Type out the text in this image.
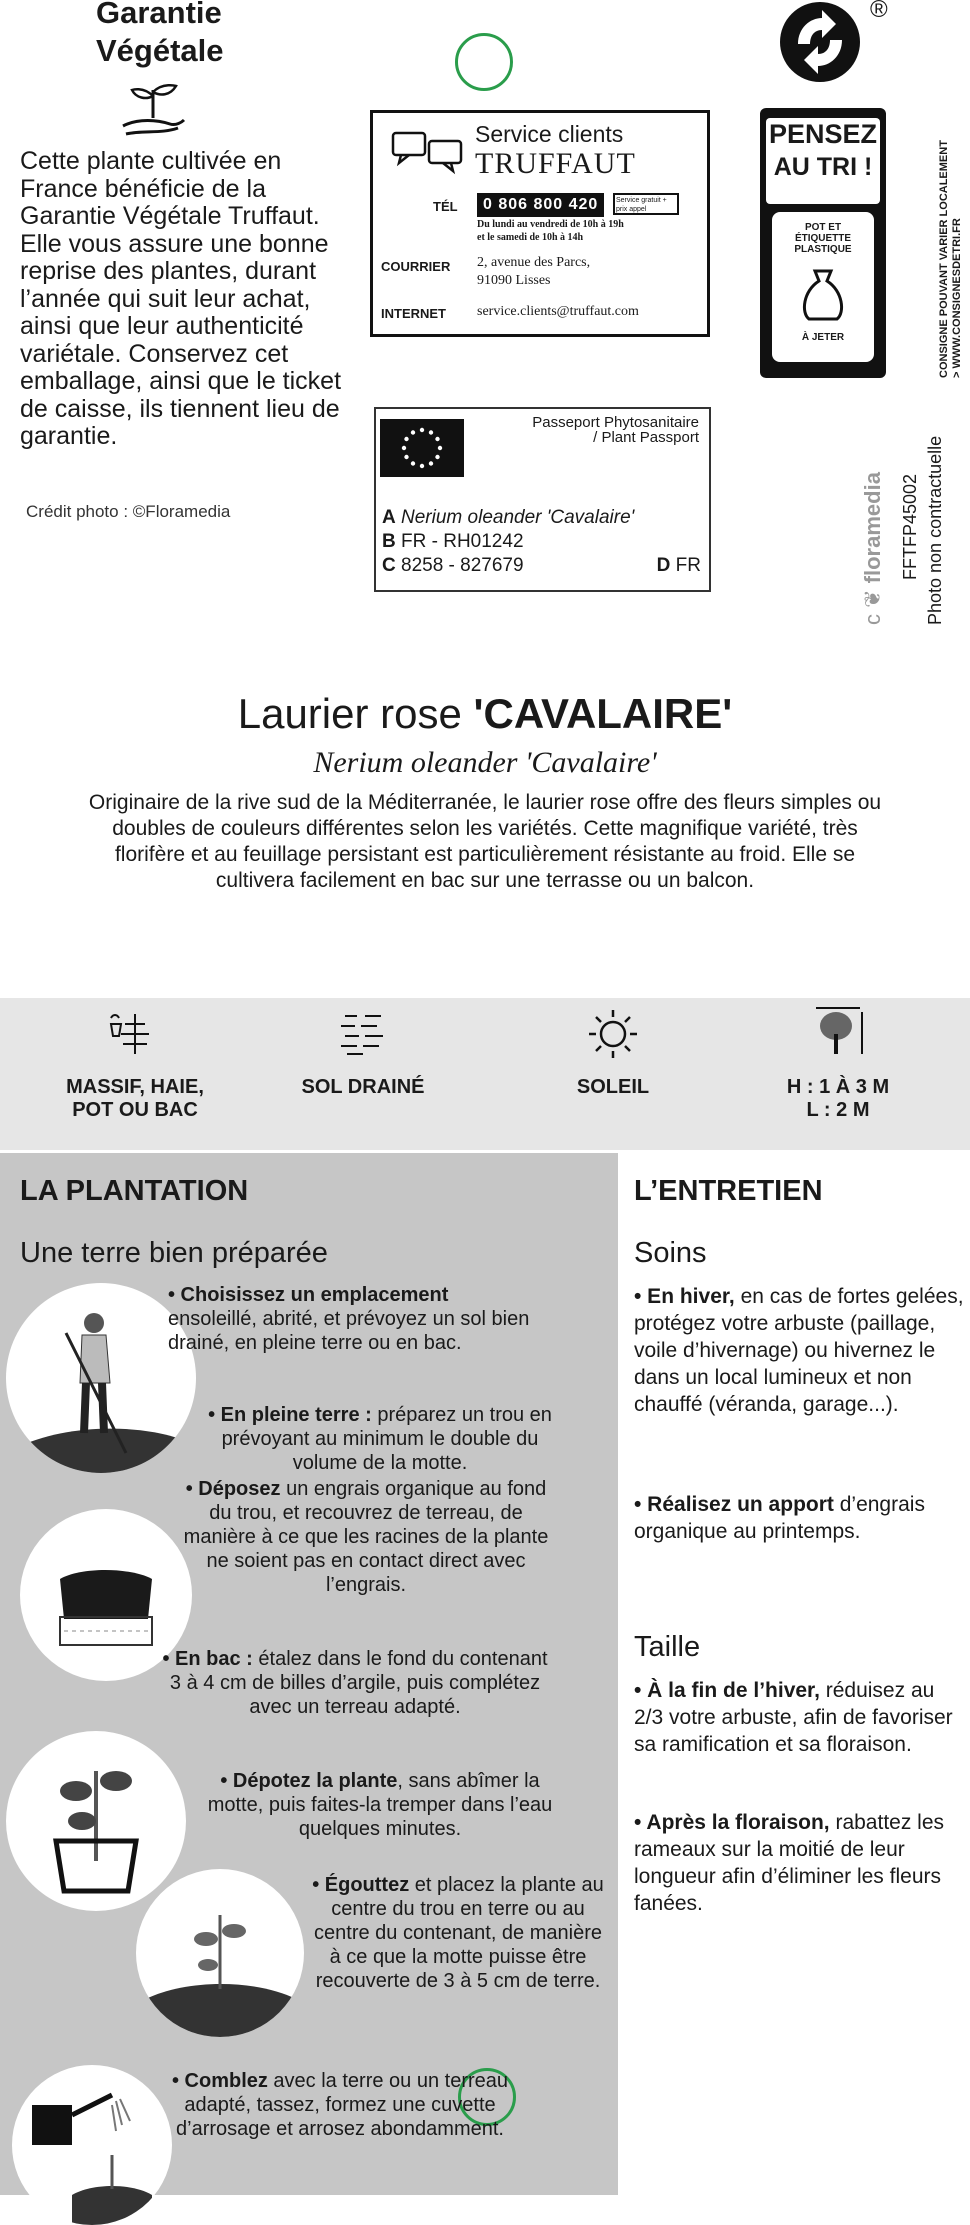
Garantie
Végétale
Cette plante cultivée en France bénéficie de la Garantie Végétale Truffaut. Elle vous assure une bonne reprise des plantes, durant l’année qui suit leur achat, ainsi que leur authenticité variétale. Conservez cet emballage, ainsi que le ticket de caisse, ils tiennent lieu de garantie.
Crédit photo : ©Floramedia
Service clients
TRUFFAUT
TÉL	0 806 800 420	Service gratuit + prix appel
Du lundi au vendredi de 10h à 19h
et le samedi de 10h à 14h
COURRIER 2, avenue des Parcs,
91090 Lisses
INTERNET service.clients@truffaut.com
Passeport Phytosanitaire
/ Plant Passport
A Nerium oleander 'Cavalaire'
B FR - RH01242
C 8258 - 827679	D FR
®
PENSEZ
AU TRI !
POT ET
ÉTIQUETTE
PLASTIQUE
À JETER	CONSIGNE POUVANT VARIER LOCALEMENT > WWW.CONSIGNESDETRI.FR
c ❦ floramedia FFTFP45002 Photo non contractuelle
Laurier rose 'CAVALAIRE'
Nerium oleander 'Cavalaire'
Originaire de la rive sud de la Méditerranée, le laurier rose offre des fleurs simples ou doubles de couleurs différentes selon les variétés. Cette magnifique variété, très florifère et au feuillage persistant est particulièrement résistante au froid. Elle se cultivera facilement en bac sur une terrasse ou un balcon.
MASSIF, HAIE,
POT OU BAC
SOL DRAINÉ	SOLEIL	H : 1 À 3 M
L : 2 M
LA PLANTATION
Une terre bien préparée
• Choisissez un emplacement
ensoleillé, abrité, et prévoyez un sol bien drainé, en pleine terre ou en bac.
• En pleine terre : préparez un trou en prévoyant au minimum le double du volume de la motte.
• Déposez un engrais organique au fond du trou, et recouvrez de terreau, de manière à ce que les racines de la plante ne soient pas en contact direct avec l’engrais.
• En bac : étalez dans le fond du contenant 3 à 4 cm de billes d’argile, puis complétez avec un terreau adapté.
• Dépotez la plante, sans abîmer la motte, puis faites-la tremper dans l’eau quelques minutes.
• Égouttez et placez la plante au centre du trou en terre ou au centre du contenant, de manière à ce que la motte puisse être recouverte de 3 à 5 cm de terre.
• Comblez avec la terre ou un terreau adapté, tassez, formez une cuvette d’arrosage et arrosez abondamment.
L’ENTRETIEN
Soins
• En hiver, en cas de fortes gelées, protégez votre arbuste (paillage, voile d’hivernage) ou hivernez le dans un local lumineux et non chauffé (véranda, garage...).
• Réalisez un apport d’engrais organique au printemps.
Taille
• À la fin de l’hiver, réduisez au 2/3 votre arbuste, afin de favoriser sa ramification et sa floraison.
• Après la floraison, rabattez les rameaux sur la moitié de leur longueur afin d’éliminer les fleurs fanées.
